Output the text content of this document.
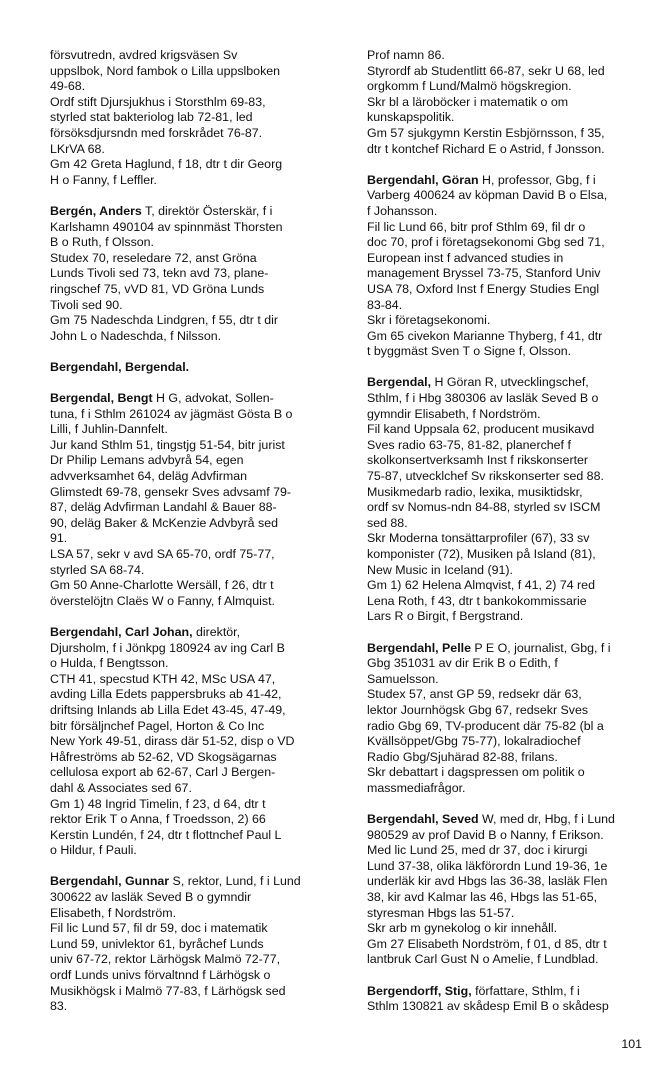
försvutredn, avdred krigsväsen Sv

uppslbok, Nord fambok o Lilla uppslboken

49-68.

Ordf stift Djursjukhus i Storsthlm 69-83,

styrled stat bakteriolog lab 72-81, led

försöksdjursndn med forskrådet 76-87.

LKrVA 68.

Gm 42 Greta Haglund, f 18, dtr t dir Georg

H o Fanny, f Leffler.

Bergén, Anders T, direktör Österskär, f i

Karlshamn 490104 av spinnmäst Thorsten

B o Ruth, f Olsson.

Studex 70, reseledare 72, anst Gröna

Lunds Tivoli sed 73, tekn avd 73, plane-

ringschef 75, vVD 81, VD Gröna Lunds

Tivoli sed 90.

Gm 75 Nadeschda Lindgren, f 55, dtr t dir

John L o Nadeschda, f Nilsson.

Bergendahl, Bergendal.

Bergendal, Bengt H G, advokat, Sollen-

tuna, f i Sthlm 261024 av jägmäst Gösta B o

Lilli, f Juhlin-Dannfelt.

Jur kand Sthlm 51, tingstjg 51-54, bitr jurist

Dr Philip Lemans advbyrå 54, egen

advverksamhet 64, deläg Advfirman

Glimstedt 69-78, gensekr Sves advsamf 79-

87, deläg Advfirman Landahl & Bauer 88-

90, deläg Baker & McKenzie Advbyrå sed

91.

LSA 57, sekr v avd SA 65-70, ordf 75-77,

styrled SA 68-74.

Gm 50 Anne-Charlotte Wersäll, f 26, dtr t

överstelöjtn Claës W o Fanny, f Almquist.

Bergendahl, Carl Johan, direktör,

Djursholm, f i Jönkpg 180924 av ing Carl B

o Hulda, f Bengtsson.

CTH 41, specstud KTH 42, MSc USA 47,

avding Lilla Edets pappersbruks ab 41-42,

driftsing Inlands ab Lilla Edet 43-45, 47-49,

bitr försäljnchef Pagel, Horton & Co Inc

New York 49-51, dirass där 51-52, disp o VD

Håfreströms ab 52-62, VD Skogsägarnas

cellulosa export ab 62-67, Carl J Bergen-

dahl & Associates sed 67.

Gm 1) 48 Ingrid Timelin, f 23, d 64, dtr t

rektor Erik T o Anna, f Troedsson, 2) 66

Kerstin Lundén, f 24, dtr t flottnchef Paul L

o Hildur, f Pauli.

Bergendahl, Gunnar S, rektor, Lund, f i Lund

300622 av lasläk Seved B o gymndir

Elisabeth, f Nordström.

Fil lic Lund 57, fil dr 59, doc i matematik

Lund 59, univlektor 61, byråchef Lunds

univ 67-72, rektor Lärhögsk Malmö 72-77,

ordf Lunds univs förvaltnnd f Lärhögsk o

Musikhögsk i Malmö 77-83, f Lärhögsk sed

83.

Prof namn 86.

Styrordf ab Studentlitt 66-87, sekr U 68, led

orgkomm f Lund/Malmö högskregion.

Skr bl a läroböcker i matematik o om

kunskapspolitik.

Gm 57 sjukgymn Kerstin Esbjörnsson, f 35,

dtr t kontchef Richard E o Astrid, f Jonsson.

Bergendahl, Göran H, professor, Gbg, f i

Varberg 400624 av köpman David B o Elsa,

f Johansson.

Fil lic Lund 66, bitr prof Sthlm 69, fil dr o

doc 70, prof i företagsekonomi Gbg sed 71,

European inst f advanced studies in

management Bryssel 73-75, Stanford Univ

USA 78, Oxford Inst f Energy Studies Engl

83-84.

Skr i företagsekonomi.

Gm 65 civekon Marianne Thyberg, f 41, dtr

t byggmäst Sven T o Signe f, Olsson.

Bergendal, H Göran R, utvecklingschef,

Sthlm, f i Hbg 380306 av lasläk Seved B o

gymndir Elisabeth, f Nordström.

Fil kand Uppsala 62, producent musikavd

Sves radio 63-75, 81-82, planerchef f

skolkonsertverksamh Inst f rikskonserter

75-87, utvecklchef Sv rikskonserter sed 88.

Musikmedarb radio, lexika, musiktidskr,

ordf sv Nomus-ndn 84-88, styrled sv ISCM

sed 88.

Skr Moderna tonsättarprofiler (67), 33 sv

komponister (72), Musiken på Island (81),

New Music in Iceland (91).

Gm 1) 62 Helena Almqvist, f 41, 2) 74 red

Lena Roth, f 43, dtr t bankokommissarie

Lars R o Birgit, f Bergstrand.

Bergendahl, Pelle P E O, journalist, Gbg, f i

Gbg 351031 av dir Erik B o Edith, f

Samuelsson.

Studex 57, anst GP 59, redsekr där 63,

lektor Journhögsk Gbg 67, redsekr Sves

radio Gbg 69, TV-producent där 75-82 (bl a

Kvällsöppet/Gbg 75-77), lokalradiochef

Radio Gbg/Sjuhärad 82-88, frilans.

Skr debattart i dagspressen om politik o

massmediafrågor.

Bergendahl, Seved W, med dr, Hbg, f i Lund

980529 av prof David B o Nanny, f Erikson.

Med lic Lund 25, med dr 37, doc i kirurgi

Lund 37-38, olika läkförordn Lund 19-36, 1e

underläk kir avd Hbgs las 36-38, lasläk Flen

38, kir avd Kalmar las 46, Hbgs las 51-65,

styresman Hbgs las 51-57.

Skr arb m gynekolog o kir innehåll.

Gm 27 Elisabeth Nordström, f 01, d 85, dtr t

lantbruk Carl Gust N o Amelie, f Lundblad.

Bergendorff, Stig, författare, Sthlm, f i

Sthlm 130821 av skådesp Emil B o skådesp

101
